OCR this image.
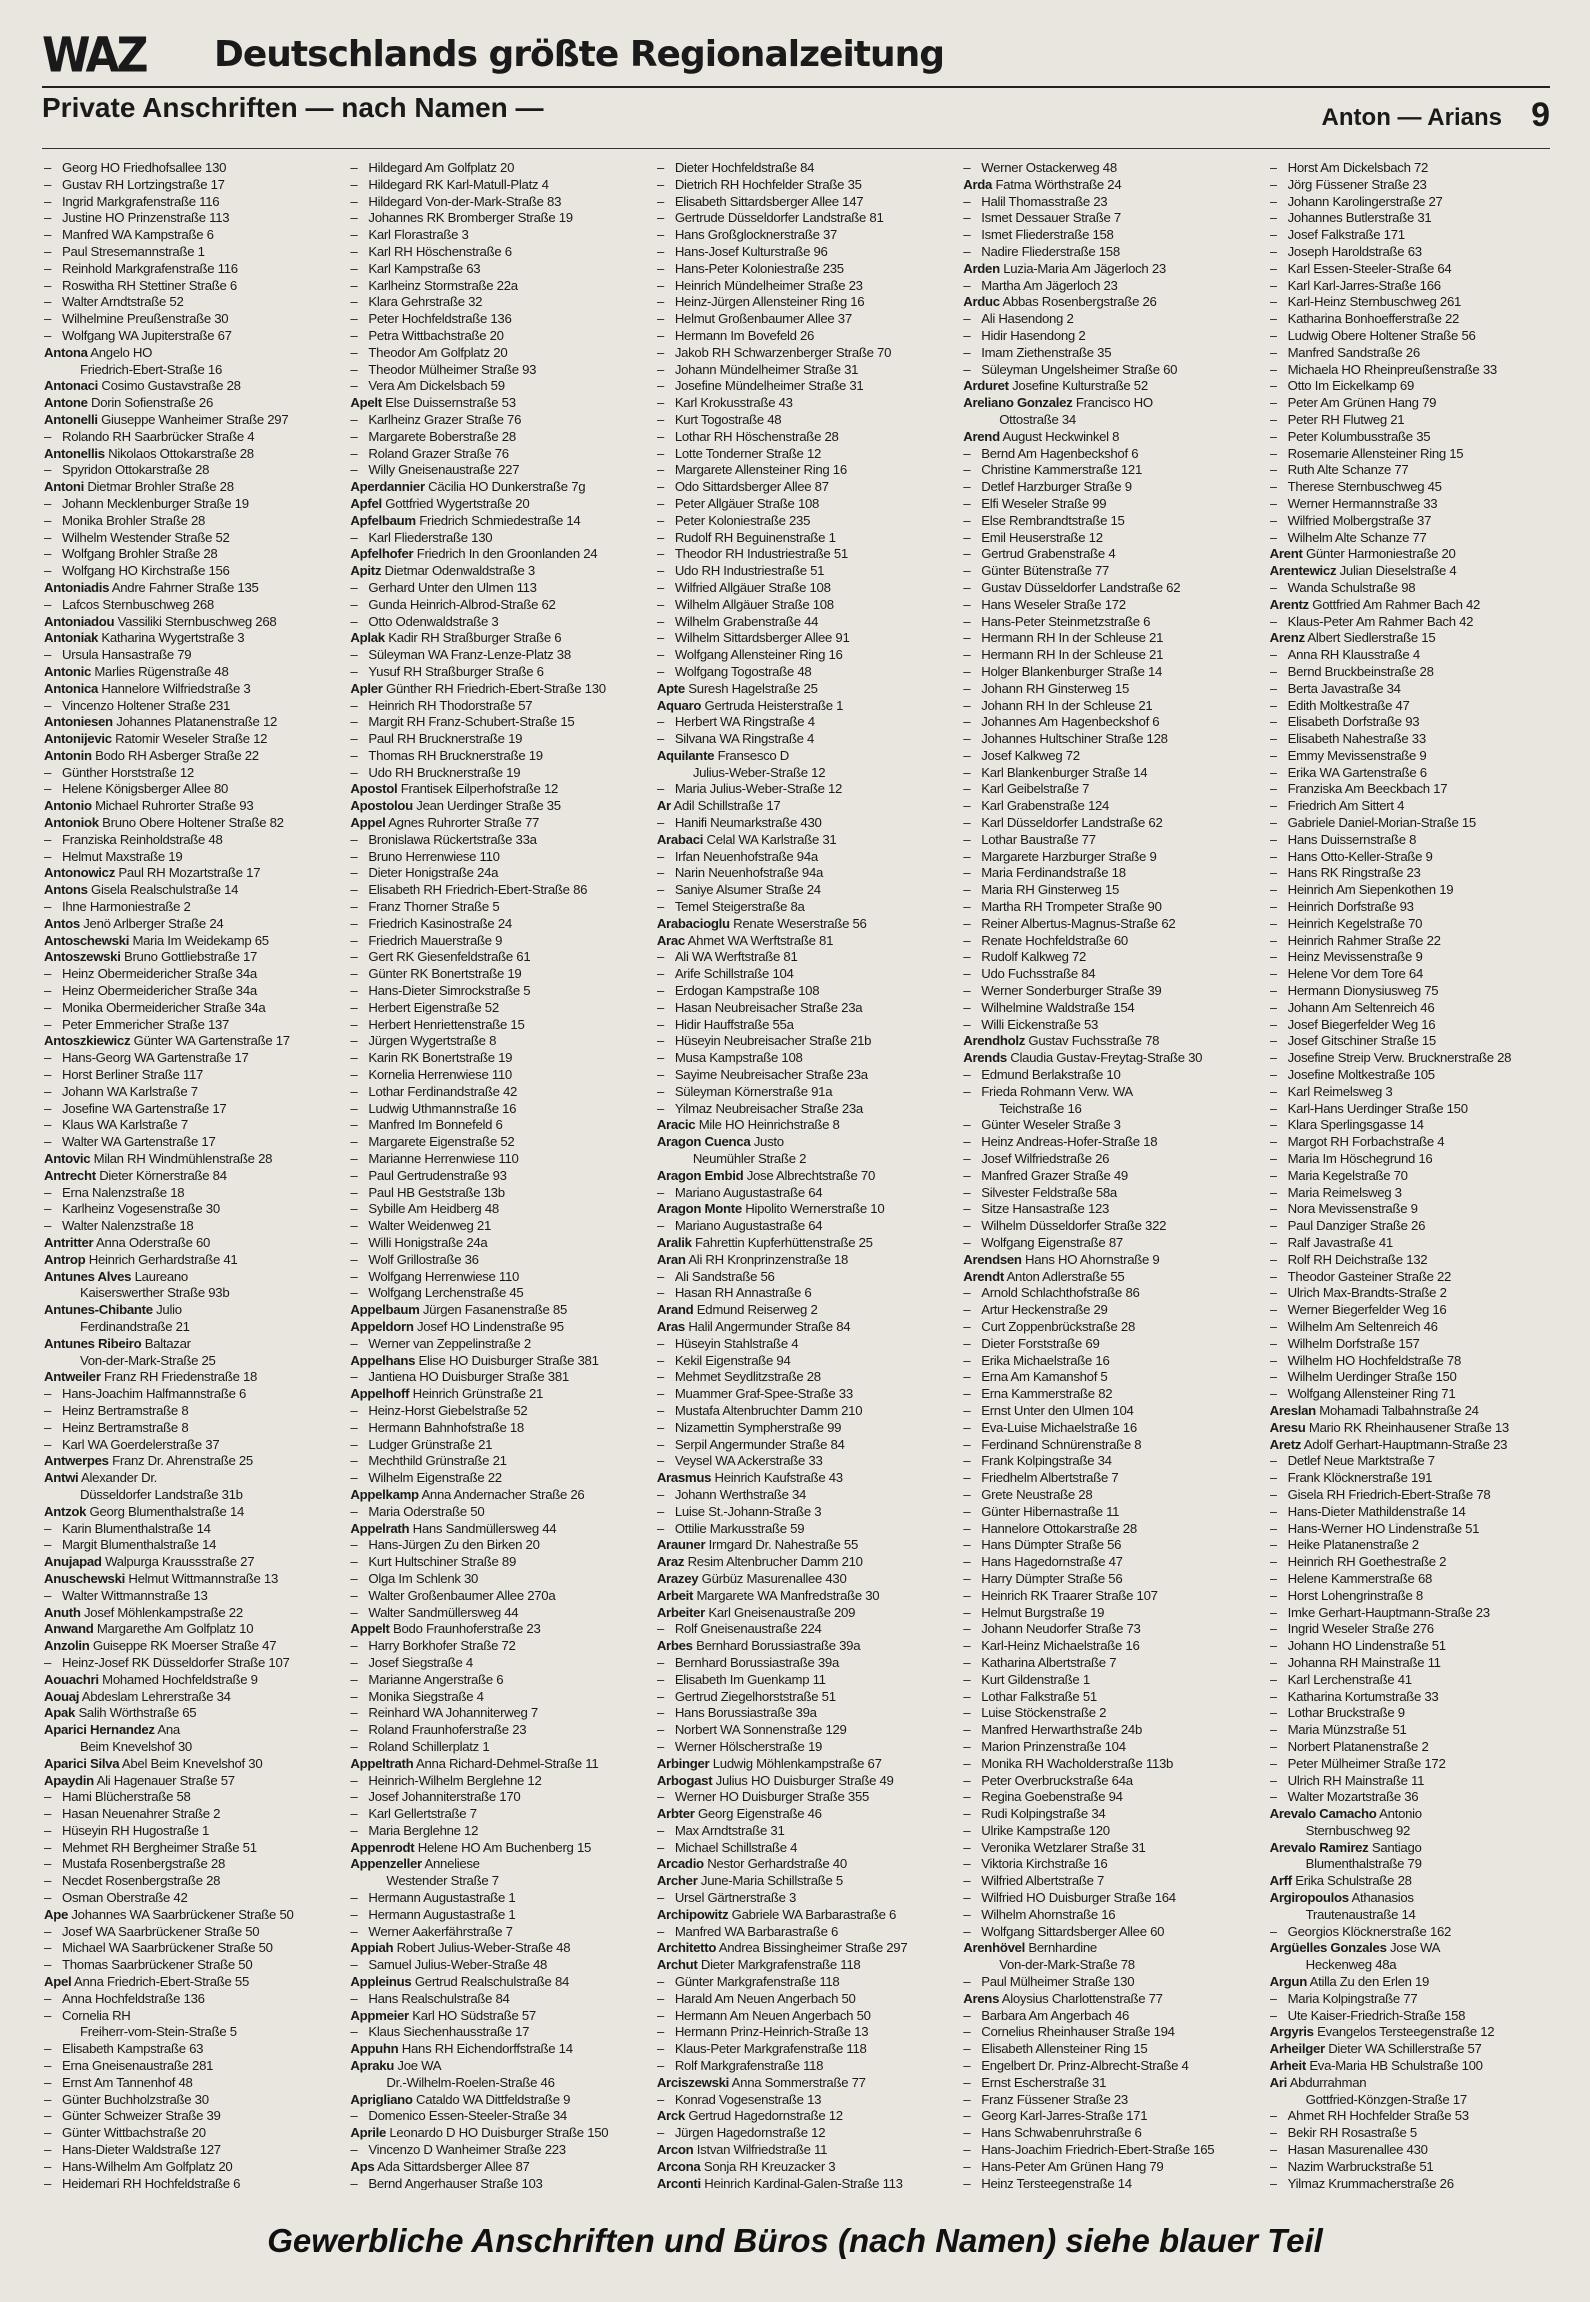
WAZ Deutschlands größte Regionalzeitung
Private Anschriften — nach Namen —	Anton — Arians 9
– Georg HO Friedhofsallee 130
– Gustav RH Lortzingstraße 17
– Ingrid Markgrafenstraße 116
– Justine HO Prinzenstraße 113
– Manfred WA Kampstraße 6
– Paul Stresemannstraße 1
– Reinhold Markgrafenstraße 116
– Roswitha RH Stettiner Straße 6
– Walter Arndtstraße 52
– Wilhelmine Preußenstraße 30
– Wolfgang WA Jupiterstraße 67
Antona Angelo HO
Friedrich-Ebert-Straße 16
Antonaci Cosimo Gustavstraße 28
Antone Dorin Sofienstraße 26
Antonelli Giuseppe Wanheimer Straße 297
– Rolando RH Saarbrücker Straße 4
Antonellis Nikolaos Ottokarstraße 28
– Spyridon Ottokarstraße 28
Antoni Dietmar Brohler Straße 28
– Johann Mecklenburger Straße 19
– Monika Brohler Straße 28
– Wilhelm Westender Straße 52
– Wolfgang Brohler Straße 28
– Wolfgang HO Kirchstraße 156
Antoniadis Andre Fahrner Straße 135
– Lafcos Sternbuschweg 268
Antoniadou Vassiliki Sternbuschweg 268
Antoniak Katharina Wygertstraße 3
– Ursula Hansastraße 79
Antonic Marlies Rügenstraße 48
Antonica Hannelore Wilfriedstraße 3
– Vincenzo Holtener Straße 231
Antoniesen Johannes Platanenstraße 12
Antonijevic Ratomir Weseler Straße 12
Antonin Bodo RH Asberger Straße 22
– Günther Horststraße 12
– Helene Königsberger Allee 80
Antonio Michael Ruhrorter Straße 93
Antoniok Bruno Obere Holtener Straße 82
– Franziska Reinholdstraße 48
– Helmut Maxstraße 19
Antonowicz Paul RH Mozartstraße 17
Antons Gisela Realschulstraße 14
– Ihne Harmoniestraße 2
Antos Jenö Arlberger Straße 24
Antoschewski Maria Im Weidekamp 65
Antoszewski Bruno Gottliebstraße 17
– Heinz Obermeidericher Straße 34a
– Heinz Obermeidericher Straße 34a
– Monika Obermeidericher Straße 34a
– Peter Emmericher Straße 137
Antoszkiewicz Günter WA Gartenstraße 17
– Hans-Georg WA Gartenstraße 17
– Horst Berliner Straße 117
– Johann WA Karlstraße 7
– Josefine WA Gartenstraße 17
– Klaus WA Karlstraße 7
– Walter WA Gartenstraße 17
Antovic Milan RH Windmühlenstraße 28
Antrecht Dieter Körnerstraße 84
– Erna Nalenzstraße 18
– Karlheinz Vogesenstraße 30
– Walter Nalenzstraße 18
Antritter Anna Oderstraße 60
Antrop Heinrich Gerhardstraße 41
Antunes Alves Laureano
Kaiserswerther Straße 93b
Antunes-Chibante Julio
Ferdinandstraße 21
Antunes Ribeiro Baltazar
Von-der-Mark-Straße 25
Antweiler Franz RH Friedenstraße 18
– Hans-Joachim Halfmannstraße 6
– Heinz Bertramstraße 8
– Heinz Bertramstraße 8
– Karl WA Goerdelerstraße 37
Antwerpes Franz Dr. Ahrenstraße 25
Antwi Alexander Dr.
Düsseldorfer Landstraße 31b
Antzok Georg Blumenthalstraße 14
– Karin Blumenthalstraße 14
– Margit Blumenthalstraße 14
Anujapad Walpurga Kraussstraße 27
Anuschewski Helmut Wittmannstraße 13
– Walter Wittmannstraße 13
Anuth Josef Möhlenkampstraße 22
Anwand Margarethe Am Golfplatz 10
Anzolin Guiseppe RK Moerser Straße 47
– Heinz-Josef RK Düsseldorfer Straße 107
Aouachri Mohamed Hochfeldstraße 9
Aouaj Abdeslam Lehrerstraße 34
Apak Salih Wörthstraße 65
Aparici Hernandez Ana
Beim Knevelshof 30
Aparici Silva Abel Beim Knevelshof 30
Apaydin Ali Hagenauer Straße 57
– Hami Blücherstraße 58
– Hasan Neuenahrer Straße 2
– Hüseyin RH Hugostraße 1
– Mehmet RH Bergheimer Straße 51
– Mustafa Rosenbergstraße 28
– Necdet Rosenbergstraße 28
– Osman Oberstraße 42
Ape Johannes WA Saarbrückener Straße 50
– Josef WA Saarbrückener Straße 50
– Michael WA Saarbrückener Straße 50
– Thomas Saarbrückener Straße 50
Apel Anna Friedrich-Ebert-Straße 55
– Anna Hochfeldstraße 136
– Cornelia RH
Freiherr-vom-Stein-Straße 5
– Elisabeth Kampstraße 63
– Erna Gneisenaustraße 281
– Ernst Am Tannenhof 48
– Günter Buchholzstraße 30
– Günter Schweizer Straße 39
– Günter Wittbachstraße 20
– Hans-Dieter Waldstraße 127
– Hans-Wilhelm Am Golfplatz 20
– Heidemari RH Hochfeldstraße 6
– Hildegard Am Golfplatz 20
– Hildegard RK Karl-Matull-Platz 4
– Hildegard Von-der-Mark-Straße 83
– Johannes RK Bromberger Straße 19
– Karl Florastraße 3
– Karl RH Höschenstraße 6
– Karl Kampstraße 63
– Karlheinz Stormstraße 22a
– Klara Gehrstraße 32
– Peter Hochfeldstraße 136
– Petra Wittbachstraße 20
– Theodor Am Golfplatz 20
– Theodor Mülheimer Straße 93
– Vera Am Dickelsbach 59
Apelt Else Duissernstraße 53
– Karlheinz Grazer Straße 76
– Margarete Boberstraße 28
– Roland Grazer Straße 76
– Willy Gneisenaustraße 227
Aperdannier Cäcilia HO Dunkerstraße 7g
Apfel Gottfried Wygertstraße 20
Apfelbaum Friedrich Schmiedestraße 14
– Karl Fliederstraße 130
Apfelhofer Friedrich In den Groonlanden 24
Apitz Dietmar Odenwaldstraße 3
– Gerhard Unter den Ulmen 113
– Gunda Heinrich-Albrod-Straße 62
– Otto Odenwaldstraße 3
Aplak Kadir RH Straßburger Straße 6
– Süleyman WA Franz-Lenze-Platz 38
– Yusuf RH Straßburger Straße 6
Apler Günther RH Friedrich-Ebert-Straße 130
– Heinrich RH Thodorstraße 57
– Margit RH Franz-Schubert-Straße 15
– Paul RH Brucknerstraße 19
– Thomas RH Brucknerstraße 19
– Udo RH Brucknerstraße 19
Apostol Frantisek Eilperhofstraße 12
Apostolou Jean Uerdinger Straße 35
Appel Agnes Ruhrorter Straße 77
– Bronislawa Rückertstraße 33a
– Bruno Herrenwiese 110
– Dieter Honigstraße 24a
– Elisabeth RH Friedrich-Ebert-Straße 86
– Franz Thorner Straße 5
– Friedrich Kasinostraße 24
– Friedrich Mauerstraße 9
– Gert RK Giesenfeldstraße 61
– Günter RK Bonertstraße 19
– Hans-Dieter Simrockstraße 5
– Herbert Eigenstraße 52
– Herbert Henriettenstraße 15
– Jürgen Wygertstraße 8
– Karin RK Bonertstraße 19
– Kornelia Herrenwiese 110
– Lothar Ferdinandstraße 42
– Ludwig Uthmannstraße 16
– Manfred Im Bonnefeld 6
– Margarete Eigenstraße 52
– Marianne Herrenwiese 110
– Paul Gertrudenstraße 93
– Paul HB Geststraße 13b
– Sybille Am Heidberg 48
– Walter Weidenweg 21
– Willi Honigstraße 24a
– Wolf Grillostraße 36
– Wolfgang Herrenwiese 110
– Wolfgang Lerchenstraße 45
Appelbaum Jürgen Fasanenstraße 85
Appeldorn Josef HO Lindenstraße 95
– Werner van Zeppelinstraße 2
Appelhans Elise HO Duisburger Straße 381
– Jantiena HO Duisburger Straße 381
Appelhoff Heinrich Grünstraße 21
– Heinz-Horst Giebelstraße 52
– Hermann Bahnhofstraße 18
– Ludger Grünstraße 21
– Mechthild Grünstraße 21
– Wilhelm Eigenstraße 22
Appelkamp Anna Andernacher Straße 26
– Maria Oderstraße 50
Appelrath Hans Sandmüllersweg 44
– Hans-Jürgen Zu den Birken 20
– Kurt Hultschiner Straße 89
– Olga Im Schlenk 30
– Walter Großenbaumer Allee 270a
– Walter Sandmüllersweg 44
Appelt Bodo Fraunhoferstraße 23
– Harry Borkhofer Straße 72
– Josef Siegstraße 4
– Marianne Angerstraße 6
– Monika Siegstraße 4
– Reinhard WA Johanniterweg 7
– Roland Fraunhoferstraße 23
– Roland Schillerplatz 1
Appeltrath Anna Richard-Dehmel-Straße 11
– Heinrich-Wilhelm Berglehne 12
– Josef Johanniterstraße 170
– Karl Gellertstraße 7
– Maria Berglehne 12
Appenrodt Helene HO Am Buchenberg 15
Appenzeller Anneliese
Westender Straße 7
– Hermann Augustastraße 1
– Hermann Augustastraße 1
– Werner Aakerfährstraße 7
Appiah Robert Julius-Weber-Straße 48
– Samuel Julius-Weber-Straße 48
Appleinus Gertrud Realschulstraße 84
– Hans Realschulstraße 84
Appmeier Karl HO Südstraße 57
– Klaus Siechenhausstraße 17
Appuhn Hans RH Eichendorffstraße 14
Apraku Joe WA
Dr.-Wilhelm-Roelen-Straße 46
Aprigliano Cataldo WA Dittfeldstraße 9
– Domenico Essen-Steeler-Straße 34
Aprile Leonardo D HO Duisburger Straße 150
– Vincenzo D Wanheimer Straße 223
Aps Ada Sittardsberger Allee 87
– Bernd Angerhauser Straße 103
– Dieter Hochfeldstraße 84
– Dietrich RH Hochfelder Straße 35
– Elisabeth Sittardsberger Allee 147
– Gertrude Düsseldorfer Landstraße 81
– Hans Großglocknerstraße 37
– Hans-Josef Kulturstraße 96
– Hans-Peter Koloniestraße 235
– Heinrich Mündelheimer Straße 23
– Heinz-Jürgen Allensteiner Ring 16
– Helmut Großenbaumer Allee 37
– Hermann Im Bovefeld 26
– Jakob RH Schwarzenberger Straße 70
– Johann Mündelheimer Straße 31
– Josefine Mündelheimer Straße 31
– Karl Krokusstraße 43
– Kurt Togostraße 48
– Lothar RH Höschenstraße 28
– Lotte Tonderner Straße 12
– Margarete Allensteiner Ring 16
– Odo Sittardsberger Allee 87
– Peter Allgäuer Straße 108
– Peter Koloniestraße 235
– Rudolf RH Beguinenstraße 1
– Theodor RH Industriestraße 51
– Udo RH Industriestraße 51
– Wilfried Allgäuer Straße 108
– Wilhelm Allgäuer Straße 108
– Wilhelm Grabenstraße 44
– Wilhelm Sittardsberger Allee 91
– Wolfgang Allensteiner Ring 16
– Wolfgang Togostraße 48
Apte Suresh Hagelstraße 25
Aquaro Gertruda Heisterstraße 1
– Herbert WA Ringstraße 4
– Silvana WA Ringstraße 4
Aquilante Fransesco D
Julius-Weber-Straße 12
– Maria Julius-Weber-Straße 12
Ar Adil Schillstraße 17
– Hanifi Neumarkstraße 430
Arabaci Celal WA Karlstraße 31
– Irfan Neuenhofstraße 94a
– Narin Neuenhofstraße 94a
– Saniye Alsumer Straße 24
– Temel Steigerstraße 8a
Arabacioglu Renate Weserstraße 56
Arac Ahmet WA Werftstraße 81
– Ali WA Werftstraße 81
– Arife Schillstraße 104
– Erdogan Kampstraße 108
– Hasan Neubreisacher Straße 23a
– Hidir Hauffstraße 55a
– Hüseyin Neubreisacher Straße 21b
– Musa Kampstraße 108
– Sayime Neubreisacher Straße 23a
– Süleyman Körnerstraße 91a
– Yilmaz Neubreisacher Straße 23a
Aracic Mile HO Heinrichstraße 8
Aragon Cuenca Justo
Neumühler Straße 2
Aragon Embid Jose Albrechtstraße 70
– Mariano Augustastraße 64
Aragon Monte Hipolito Wernerstraße 10
– Mariano Augustastraße 64
Aralik Fahrettin Kupferhüttenstraße 25
Aran Ali RH Kronprinzenstraße 18
– Ali Sandstraße 56
– Hasan RH Annastraße 6
Arand Edmund Reiserweg 2
Aras Halil Angermunder Straße 84
– Hüseyin Stahlstraße 4
– Kekil Eigenstraße 94
– Mehmet Seydlitzstraße 28
– Muammer Graf-Spee-Straße 33
– Mustafa Altenbruchter Damm 210
– Nizamettin Sympherstraße 99
– Serpil Angermunder Straße 84
– Veysel WA Ackerstraße 33
Arasmus Heinrich Kaufstraße 43
– Johann Werthstraße 34
– Luise St.-Johann-Straße 3
– Ottilie Markusstraße 59
Arauner Irmgard Dr. Nahestraße 55
Araz Resim Altenbrucher Damm 210
Arazey Gürbüz Masurenallee 430
Arbeit Margarete WA Manfredstraße 30
Arbeiter Karl Gneisenaustraße 209
– Rolf Gneisenaustraße 224
Arbes Bernhard Borussiastraße 39a
– Bernhard Borussiastraße 39a
– Elisabeth Im Guenkamp 11
– Gertrud Ziegelhorststraße 51
– Hans Borussiastraße 39a
– Norbert WA Sonnenstraße 129
– Werner Hölscherstraße 19
Arbinger Ludwig Möhlenkampstraße 67
Arbogast Julius HO Duisburger Straße 49
– Werner HO Duisburger Straße 355
Arbter Georg Eigenstraße 46
– Max Arndtstraße 31
– Michael Schillstraße 4
Arcadio Nestor Gerhardstraße 40
Archer June-Maria Schillstraße 5
– Ursel Gärtnerstraße 3
Archipowitz Gabriele WA Barbarastraße 6
– Manfred WA Barbarastraße 6
Architetto Andrea Bissingheimer Straße 297
Archut Dieter Markgrafenstraße 118
– Günter Markgrafenstraße 118
– Harald Am Neuen Angerbach 50
– Hermann Am Neuen Angerbach 50
– Hermann Prinz-Heinrich-Straße 13
– Klaus-Peter Markgrafenstraße 118
– Rolf Markgrafenstraße 118
Arciszewski Anna Sommerstraße 77
– Konrad Vogesenstraße 13
Arck Gertrud Hagedornstraße 12
– Jürgen Hagedornstraße 12
Arcon Istvan Wilfriedstraße 11
Arcona Sonja RH Kreuzacker 3
Arconti Heinrich Kardinal-Galen-Straße 113
– Werner Ostackerweg 48
Arda Fatma Wörthstraße 24
– Halil Thomasstraße 23
– Ismet Dessauer Straße 7
– Ismet Fliederstraße 158
– Nadire Fliederstraße 158
Arden Luzia-Maria Am Jägerloch 23
– Martha Am Jägerloch 23
Arduc Abbas Rosenbergstraße 26
– Ali Hasendong 2
– Hidir Hasendong 2
– Imam Ziethenstraße 35
– Süleyman Ungelsheimer Straße 60
Arduret Josefine Kulturstraße 52
Areliano Gonzalez Francisco HO
Ottostraße 34
Arend August Heckwinkel 8
– Bernd Am Hagenbeckshof 6
– Christine Kammerstraße 121
– Detlef Harzburger Straße 9
– Elfi Weseler Straße 99
– Else Rembrandtstraße 15
– Emil Heuserstraße 12
– Gertrud Grabenstraße 4
– Günter Bütenstraße 77
– Gustav Düsseldorfer Landstraße 62
– Hans Weseler Straße 172
– Hans-Peter Steinmetzstraße 6
– Hermann RH In der Schleuse 21
– Hermann RH In der Schleuse 21
– Holger Blankenburger Straße 14
– Johann RH Ginsterweg 15
– Johann RH In der Schleuse 21
– Johannes Am Hagenbeckshof 6
– Johannes Hultschiner Straße 128
– Josef Kalkweg 72
– Karl Blankenburger Straße 14
– Karl Geibelstraße 7
– Karl Grabenstraße 124
– Karl Düsseldorfer Landstraße 62
– Lothar Baustraße 77
– Margarete Harzburger Straße 9
– Maria Ferdinandstraße 18
– Maria RH Ginsterweg 15
– Martha RH Trompeter Straße 90
– Reiner Albertus-Magnus-Straße 62
– Renate Hochfeldstraße 60
– Rudolf Kalkweg 72
– Udo Fuchsstraße 84
– Werner Sonderburger Straße 39
– Wilhelmine Waldstraße 154
– Willi Eickenstraße 53
Arendholz Gustav Fuchsstraße 78
Arends Claudia Gustav-Freytag-Straße 30
– Edmund Berlakstraße 10
– Frieda Rohmann Verw. WA
Teichstraße 16
– Günter Weseler Straße 3
– Heinz Andreas-Hofer-Straße 18
– Josef Wilfriedstraße 26
– Manfred Grazer Straße 49
– Silvester Feldstraße 58a
– Sitze Hansastraße 123
– Wilhelm Düsseldorfer Straße 322
– Wolfgang Eigenstraße 87
Arendsen Hans HO Ahornstraße 9
Arendt Anton Adlerstraße 55
– Arnold Schlachthofstraße 86
– Artur Heckenstraße 29
– Curt Zoppenbrückstraße 28
– Dieter Forststraße 69
– Erika Michaelstraße 16
– Erna Am Kamanshof 5
– Erna Kammerstraße 82
– Ernst Unter den Ulmen 104
– Eva-Luise Michaelstraße 16
– Ferdinand Schnürenstraße 8
– Frank Kolpingstraße 34
– Friedhelm Albertstraße 7
– Grete Neustraße 28
– Günter Hibernastraße 11
– Hannelore Ottokarstraße 28
– Hans Dümpter Straße 56
– Hans Hagedornstraße 47
– Harry Dümpter Straße 56
– Heinrich RK Traarer Straße 107
– Helmut Burgstraße 19
– Johann Neudorfer Straße 73
– Karl-Heinz Michaelstraße 16
– Katharina Albertstraße 7
– Kurt Gildenstraße 1
– Lothar Falkstraße 51
– Luise Stöckenstraße 2
– Manfred Herwarthstraße 24b
– Marion Prinzenstraße 104
– Monika RH Wacholderstraße 113b
– Peter Overbruckstraße 64a
– Regina Goebenstraße 94
– Rudi Kolpingstraße 34
– Ulrike Kampstraße 120
– Veronika Wetzlarer Straße 31
– Viktoria Kirchstraße 16
– Wilfried Albertstraße 7
– Wilfried HO Duisburger Straße 164
– Wilhelm Ahornstraße 16
– Wolfgang Sittardsberger Allee 60
Arenhövel Bernhardine
Von-der-Mark-Straße 78
– Paul Mülheimer Straße 130
Arens Aloysius Charlottenstraße 77
– Barbara Am Angerbach 46
– Cornelius Rheinhauser Straße 194
– Elisabeth Allensteiner Ring 15
– Engelbert Dr. Prinz-Albrecht-Straße 4
– Ernst Escherstraße 31
– Franz Füssener Straße 23
– Georg Karl-Jarres-Straße 171
– Hans Schwabenruhrstraße 6
– Hans-Joachim Friedrich-Ebert-Straße 165
– Hans-Peter Am Grünen Hang 79
– Heinz Tersteegenstraße 14
– Horst Am Dickelsbach 72
– Jörg Füssener Straße 23
– Johann Karolingerstraße 27
– Johannes Butlerstraße 31
– Josef Falkstraße 171
– Joseph Haroldstraße 63
– Karl Essen-Steeler-Straße 64
– Karl Karl-Jarres-Straße 166
– Karl-Heinz Sternbuschweg 261
– Katharina Bonhoefferstraße 22
– Ludwig Obere Holtener Straße 56
– Manfred Sandstraße 26
– Michaela HO Rheinpreußenstraße 33
– Otto Im Eickelkamp 69
– Peter Am Grünen Hang 79
– Peter RH Flutweg 21
– Peter Kolumbusstraße 35
– Rosemarie Allensteiner Ring 15
– Ruth Alte Schanze 77
– Therese Sternbuschweg 45
– Werner Hermannstraße 33
– Wilfried Molbergstraße 37
– Wilhelm Alte Schanze 77
Arent Günter Harmoniestraße 20
Arentewicz Julian Dieselstraße 4
– Wanda Schulstraße 98
Arentz Gottfried Am Rahmer Bach 42
– Klaus-Peter Am Rahmer Bach 42
Arenz Albert Siedlerstraße 15
– Anna RH Klausstraße 4
– Bernd Bruckbeinstraße 28
– Berta Javastraße 34
– Edith Moltkestraße 47
– Elisabeth Dorfstraße 93
– Elisabeth Nahestraße 33
– Emmy Mevissenstraße 9
– Erika WA Gartenstraße 6
– Franziska Am Beeckbach 17
– Friedrich Am Sittert 4
– Gabriele Daniel-Morian-Straße 15
– Hans Duissernstraße 8
– Hans Otto-Keller-Straße 9
– Hans RK Ringstraße 23
– Heinrich Am Siepenkothen 19
– Heinrich Dorfstraße 93
– Heinrich Kegelstraße 70
– Heinrich Rahmer Straße 22
– Heinz Mevissenstraße 9
– Helene Vor dem Tore 64
– Hermann Dionysiusweg 75
– Johann Am Seltenreich 46
– Josef Biegerfelder Weg 16
– Josef Gitschiner Straße 15
– Josefine Streip Verw. Brucknerstraße 28
– Josefine Moltkestraße 105
– Karl Reimelsweg 3
– Karl-Hans Uerdinger Straße 150
– Klara Sperlingsgasse 14
– Margot RH Forbachstraße 4
– Maria Im Höschegrund 16
– Maria Kegelstraße 70
– Maria Reimelsweg 3
– Nora Mevissenstraße 9
– Paul Danziger Straße 26
– Ralf Javastraße 41
– Rolf RH Deichstraße 132
– Theodor Gasteiner Straße 22
– Ulrich Max-Brandts-Straße 2
– Werner Biegerfelder Weg 16
– Wilhelm Am Seltenreich 46
– Wilhelm Dorfstraße 157
– Wilhelm HO Hochfeldstraße 78
– Wilhelm Uerdinger Straße 150
– Wolfgang Allensteiner Ring 71
Areslan Mohamadi Talbahnstraße 24
Aresu Mario RK Rheinhausener Straße 13
Aretz Adolf Gerhart-Hauptmann-Straße 23
– Detlef Neue Marktstraße 7
– Frank Klöcknerstraße 191
– Gisela RH Friedrich-Ebert-Straße 78
– Hans-Dieter Mathildenstraße 14
– Hans-Werner HO Lindenstraße 51
– Heike Platanenstraße 2
– Heinrich RH Goethestraße 2
– Helene Kammerstraße 68
– Horst Lohengrinstraße 8
– Imke Gerhart-Hauptmann-Straße 23
– Ingrid Weseler Straße 276
– Johann HO Lindenstraße 51
– Johanna RH Mainstraße 11
– Karl Lerchenstraße 41
– Katharina Kortumstraße 33
– Lothar Bruckstraße 9
– Maria Münzstraße 51
– Norbert Platanenstraße 2
– Peter Mülheimer Straße 172
– Ulrich RH Mainstraße 11
– Walter Mozartstraße 36
Arevalo Camacho Antonio
Sternbuschweg 92
Arevalo Ramirez Santiago
Blumenthalstraße 79
Arff Erika Schulstraße 28
Argiropoulos Athanasios
Trautenaustraße 14
– Georgios Klöcknerstraße 162
Argüelles Gonzales Jose WA
Heckenweg 48a
Argun Atilla Zu den Erlen 19
– Maria Kolpingstraße 77
– Ute Kaiser-Friedrich-Straße 158
Argyris Evangelos Tersteegenstraße 12
Arheilger Dieter WA Schillerstraße 57
Arheit Eva-Maria HB Schulstraße 100
Ari Abdurrahman
Gottfried-Könzgen-Straße 17
– Ahmet RH Hochfelder Straße 53
– Bekir RH Rosastraße 5
– Hasan Masurenallee 430
– Nazim Warbruckstraße 51
– Yilmaz Krummacherstraße 26
Gewerbliche Anschriften und Büros (nach Namen) siehe blauer Teil
